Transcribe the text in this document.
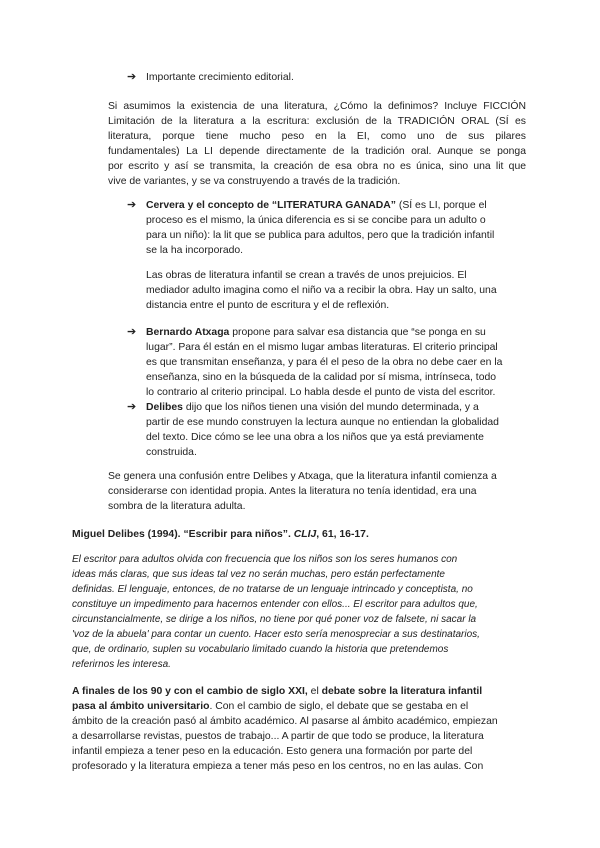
➔ Importante crecimiento editorial.
Si asumimos la existencia de una literatura, ¿Cómo la definimos? Incluye FICCIÓN
Limitación de la literatura a la escritura: exclusión de la TRADICIÓN ORAL (SÍ es
literatura, porque tiene mucho peso en la EI, como uno de sus pilares
fundamentales) La LI depende directamente de la tradición oral. Aunque se ponga
por escrito y así se transmita, la creación de esa obra no es única, sino una lit que
vive de variantes, y se va construyendo a través de la tradición.
➔ Cervera y el concepto de “LITERATURA GANADA” (SÍ es LI, porque el
proceso es el mismo, la única diferencia es si se concibe para un adulto o
para un niño): la lit que se publica para adultos, pero que la tradición infantil
se la ha incorporado.
Las obras de literatura infantil se crean a través de unos prejuicios. El
mediador adulto imagina como el niño va a recibir la obra. Hay un salto, una
distancia entre el punto de escritura y el de reflexión.
➔ Bernardo Atxaga propone para salvar esa distancia que “se ponga en su
lugar”. Para él están en el mismo lugar ambas literaturas. El criterio principal
es que transmitan enseñanza, y para él el peso de la obra no debe caer en la
enseñanza, sino en la búsqueda de la calidad por sí misma, intrínseca, todo
lo contrario al criterio principal. Lo habla desde el punto de vista del escritor.
➔ Delibes dijo que los niños tienen una visión del mundo determinada, y a
partir de ese mundo construyen la lectura aunque no entiendan la globalidad
del texto. Dice cómo se lee una obra a los niños que ya está previamente
construida.
Se genera una confusión entre Delibes y Atxaga, que la literatura infantil comienza a
considerarse con identidad propia. Antes la literatura no tenía identidad, era una
sombra de la literatura adulta.
Miguel Delibes (1994). “Escribir para niños”. CLIJ, 61, 16-17.
El escritor para adultos olvida con frecuencia que los niños son los seres humanos con
ideas más claras, que sus ideas tal vez no serán muchas, pero están perfectamente
definidas. El lenguaje, entonces, de no tratarse de un lenguaje intrincado y conceptista, no
constituye un impedimento para hacernos entender con ellos... El escritor para adultos que,
circunstancialmente, se dirige a los niños, no tiene por qué poner voz de falsete, ni sacar la
'voz de la abuela' para contar un cuento. Hacer esto sería menospreciar a sus destinatarios,
que, de ordinario, suplen su vocabulario limitado cuando la historia que pretendemos
referirnos les interesa.
A finales de los 90 y con el cambio de siglo XXI, el debate sobre la literatura infantil
pasa al ámbito universitario. Con el cambio de siglo, el debate que se gestaba en el
ámbito de la creación pasó al ámbito académico. Al pasarse al ámbito académico, empiezan
a desarrollarse revistas, puestos de trabajo... A partir de que todo se produce, la literatura
infantil empieza a tener peso en la educación. Esto genera una formación por parte del
profesorado y la literatura empieza a tener más peso en los centros, no en las aulas. Con
